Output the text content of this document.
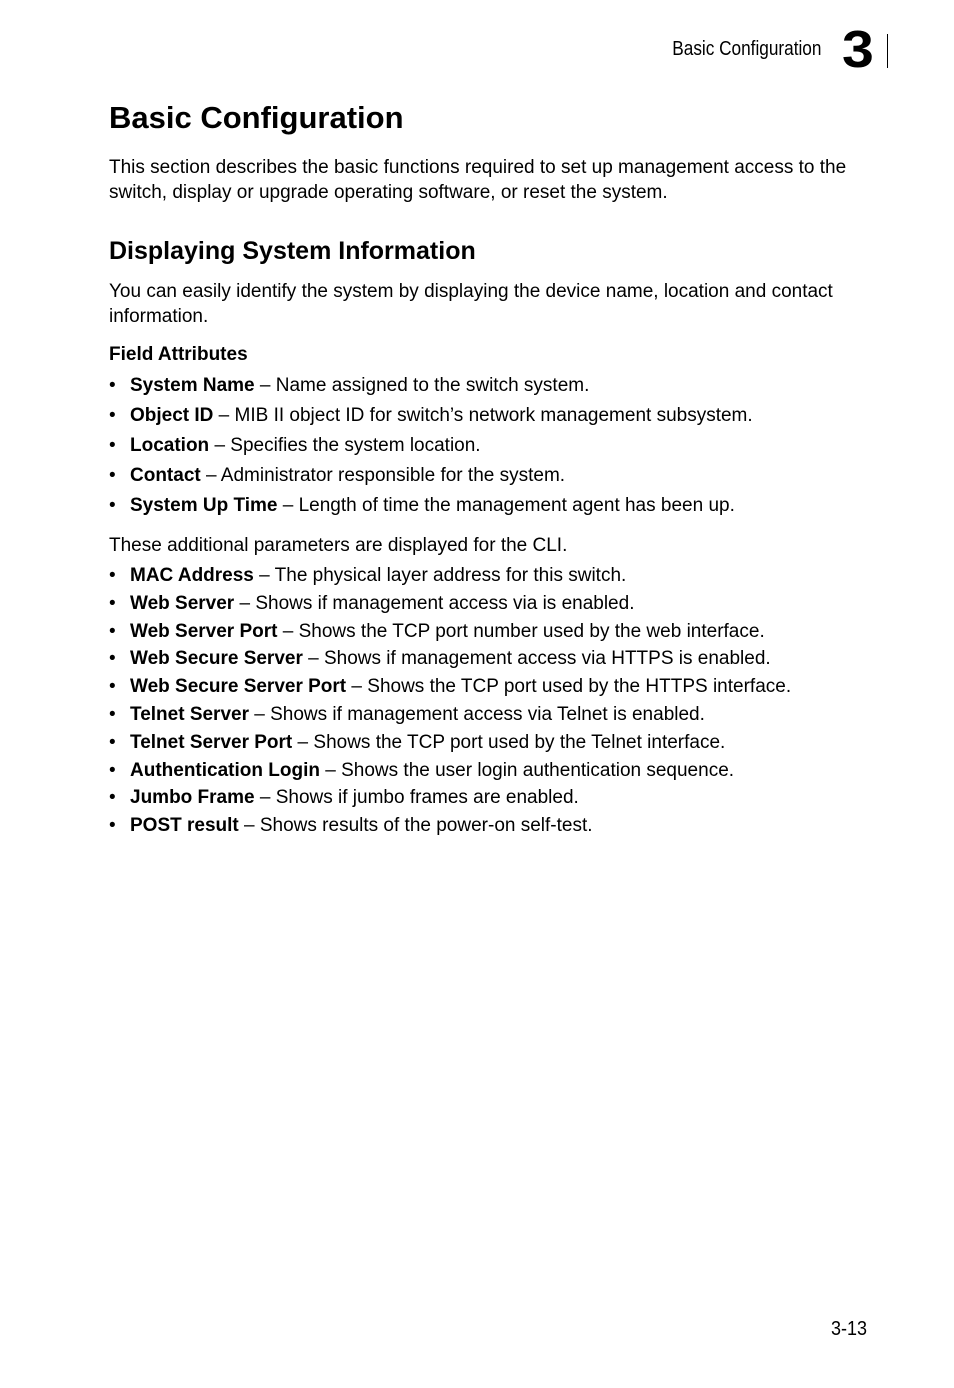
Basic Configuration 3
Basic Configuration

This section describes the basic functions required to set up management access to the switch, display or upgrade operating software, or reset the system.

Displaying System Information

You can easily identify the system by displaying the device name, location and contact information.

Field Attributes
• System Name – Name assigned to the switch system.
• Object ID – MIB II object ID for switch’s network management subsystem.
• Location – Specifies the system location.
• Contact – Administrator responsible for the system.
• System Up Time – Length of time the management agent has been up.

These additional parameters are displayed for the CLI.

• MAC Address – The physical layer address for this switch.
• Web Server – Shows if management access via is enabled.
• Web Server Port – Shows the TCP port number used by the web interface.
• Web Secure Server – Shows if management access via HTTPS is enabled.
• Web Secure Server Port – Shows the TCP port used by the HTTPS interface.
• Telnet Server – Shows if management access via Telnet is enabled.
• Telnet Server Port – Shows the TCP port used by the Telnet interface.
• Authentication Login – Shows the user login authentication sequence.
• Jumbo Frame – Shows if jumbo frames are enabled.
• POST result – Shows results of the power-on self-test.
3-13
